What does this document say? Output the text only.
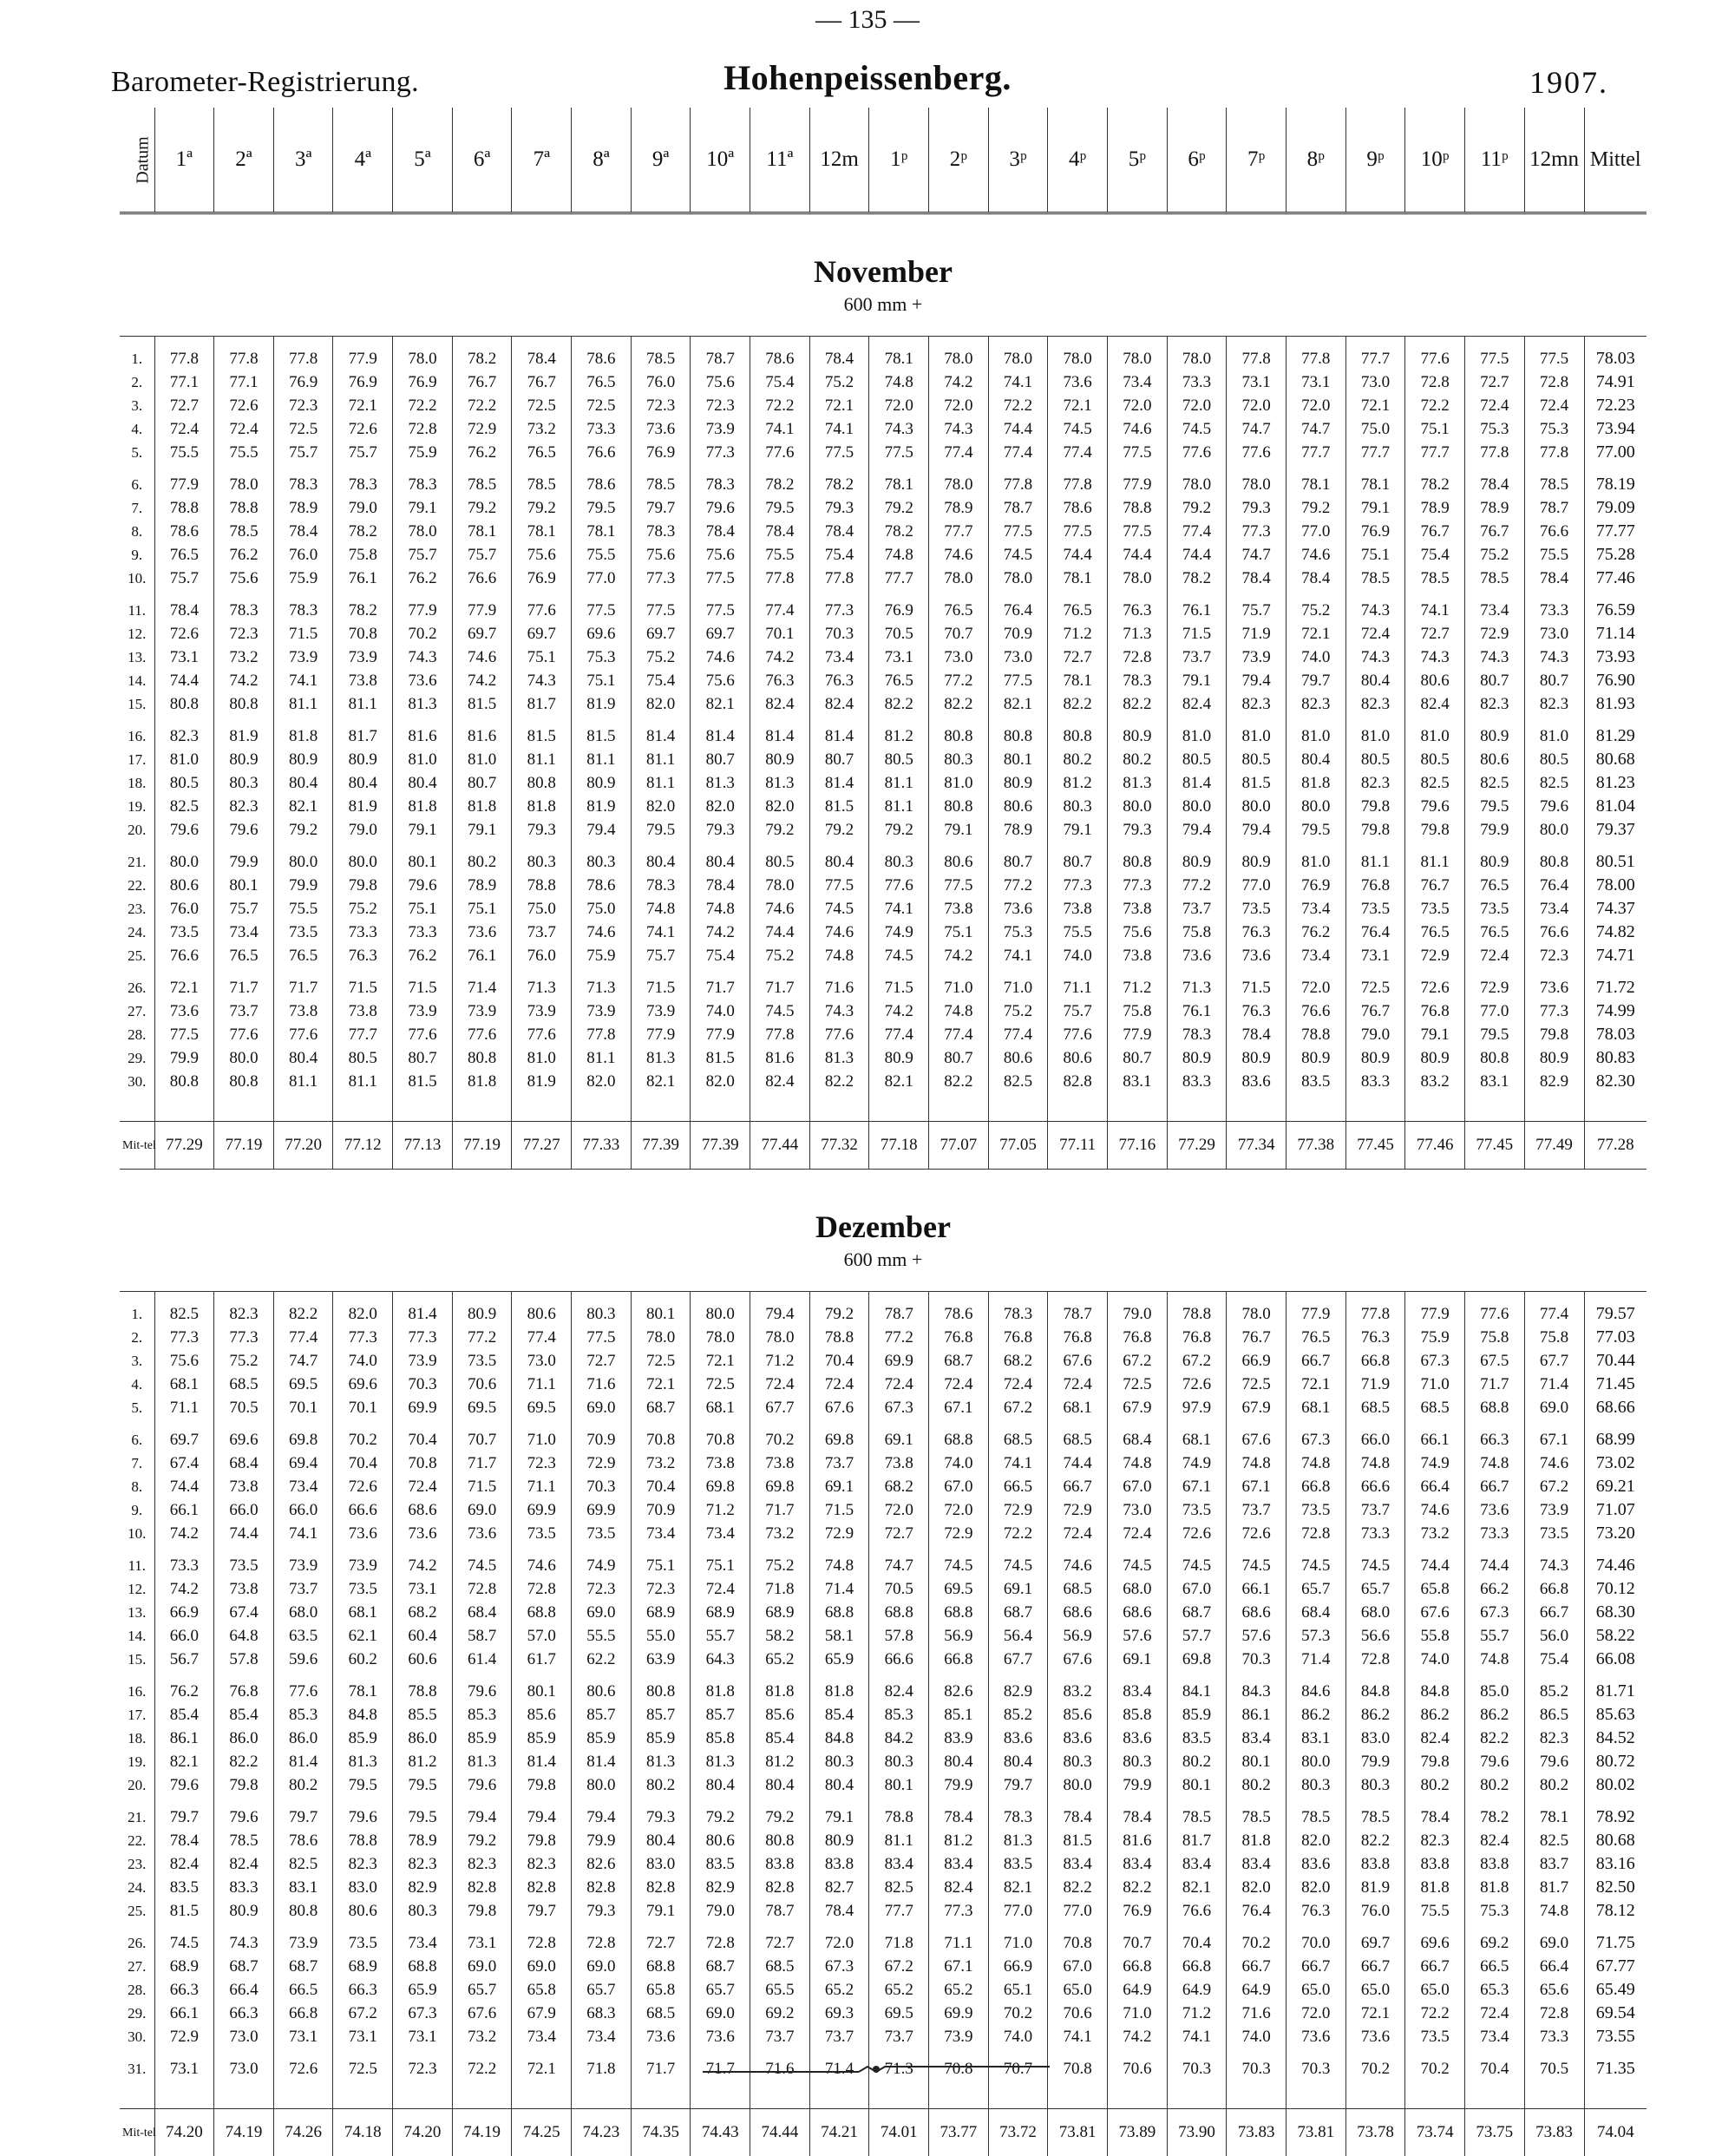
— 135 —
Barometer-Registrierung.	Hohenpeissenberg.	1907.
Datum	1ª	2ª	3ª	4ª	5ª	6ª	7ª	8ª	9ª	10ª	11ª	12m	1ᵖ	2ᵖ	3ᵖ	4ᵖ	5ᵖ	6ᵖ	7ᵖ	8ᵖ	9ᵖ	10ᵖ	11ᵖ	12mn	Mittel

November
600 mm +																									

1.	77.8	77.8	77.8	77.9	78.0	78.2	78.4	78.6	78.5	78.7	78.6	78.4	78.1	78.0	78.0	78.0	78.0	78.0	77.8	77.8	77.7	77.6	77.5	77.5	78.03
2.	77.1	77.1	76.9	76.9	76.9	76.7	76.7	76.5	76.0	75.6	75.4	75.2	74.8	74.2	74.1	73.6	73.4	73.3	73.1	73.1	73.0	72.8	72.7	72.8	74.91
3.	72.7	72.6	72.3	72.1	72.2	72.2	72.5	72.5	72.3	72.3	72.2	72.1	72.0	72.0	72.2	72.1	72.0	72.0	72.0	72.0	72.1	72.2	72.4	72.4	72.23
4.	72.4	72.4	72.5	72.6	72.8	72.9	73.2	73.3	73.6	73.9	74.1	74.1	74.3	74.3	74.4	74.5	74.6	74.5	74.7	74.7	75.0	75.1	75.3	75.3	73.94
5.	75.5	75.5	75.7	75.7	75.9	76.2	76.5	76.6	76.9	77.3	77.6	77.5	77.5	77.4	77.4	77.4	77.5	77.6	77.6	77.7	77.7	77.7	77.8	77.8	77.00

6.	77.9	78.0	78.3	78.3	78.3	78.5	78.5	78.6	78.5	78.3	78.2	78.2	78.1	78.0	77.8	77.8	77.9	78.0	78.0	78.1	78.1	78.2	78.4	78.5	78.19
7.	78.8	78.8	78.9	79.0	79.1	79.2	79.2	79.5	79.7	79.6	79.5	79.3	79.2	78.9	78.7	78.6	78.8	79.2	79.3	79.2	79.1	78.9	78.9	78.7	79.09
8.	78.6	78.5	78.4	78.2	78.0	78.1	78.1	78.1	78.3	78.4	78.4	78.4	78.2	77.7	77.5	77.5	77.5	77.4	77.3	77.0	76.9	76.7	76.7	76.6	77.77
9.	76.5	76.2	76.0	75.8	75.7	75.7	75.6	75.5	75.6	75.6	75.5	75.4	74.8	74.6	74.5	74.4	74.4	74.4	74.7	74.6	75.1	75.4	75.2	75.5	75.28
10.	75.7	75.6	75.9	76.1	76.2	76.6	76.9	77.0	77.3	77.5	77.8	77.8	77.7	78.0	78.0	78.1	78.0	78.2	78.4	78.4	78.5	78.5	78.5	78.4	77.46

11.	78.4	78.3	78.3	78.2	77.9	77.9	77.6	77.5	77.5	77.5	77.4	77.3	76.9	76.5	76.4	76.5	76.3	76.1	75.7	75.2	74.3	74.1	73.4	73.3	76.59
12.	72.6	72.3	71.5	70.8	70.2	69.7	69.7	69.6	69.7	69.7	70.1	70.3	70.5	70.7	70.9	71.2	71.3	71.5	71.9	72.1	72.4	72.7	72.9	73.0	71.14
13.	73.1	73.2	73.9	73.9	74.3	74.6	75.1	75.3	75.2	74.6	74.2	73.4	73.1	73.0	73.0	72.7	72.8	73.7	73.9	74.0	74.3	74.3	74.3	74.3	73.93
14.	74.4	74.2	74.1	73.8	73.6	74.2	74.3	75.1	75.4	75.6	76.3	76.3	76.5	77.2	77.5	78.1	78.3	79.1	79.4	79.7	80.4	80.6	80.7	80.7	76.90
15.	80.8	80.8	81.1	81.1	81.3	81.5	81.7	81.9	82.0	82.1	82.4	82.4	82.2	82.2	82.1	82.2	82.2	82.4	82.3	82.3	82.3	82.4	82.3	82.3	81.93

16.	82.3	81.9	81.8	81.7	81.6	81.6	81.5	81.5	81.4	81.4	81.4	81.4	81.2	80.8	80.8	80.8	80.9	81.0	81.0	81.0	81.0	81.0	80.9	81.0	81.29
17.	81.0	80.9	80.9	80.9	81.0	81.0	81.1	81.1	81.1	80.7	80.9	80.7	80.5	80.3	80.1	80.2	80.2	80.5	80.5	80.4	80.5	80.5	80.6	80.5	80.68
18.	80.5	80.3	80.4	80.4	80.4	80.7	80.8	80.9	81.1	81.3	81.3	81.4	81.1	81.0	80.9	81.2	81.3	81.4	81.5	81.8	82.3	82.5	82.5	82.5	81.23
19.	82.5	82.3	82.1	81.9	81.8	81.8	81.8	81.9	82.0	82.0	82.0	81.5	81.1	80.8	80.6	80.3	80.0	80.0	80.0	80.0	79.8	79.6	79.5	79.6	81.04
20.	79.6	79.6	79.2	79.0	79.1	79.1	79.3	79.4	79.5	79.3	79.2	79.2	79.2	79.1	78.9	79.1	79.3	79.4	79.4	79.5	79.8	79.8	79.9	80.0	79.37

21.	80.0	79.9	80.0	80.0	80.1	80.2	80.3	80.3	80.4	80.4	80.5	80.4	80.3	80.6	80.7	80.7	80.8	80.9	80.9	81.0	81.1	81.1	80.9	80.8	80.51
22.	80.6	80.1	79.9	79.8	79.6	78.9	78.8	78.6	78.3	78.4	78.0	77.5	77.6	77.5	77.2	77.3	77.3	77.2	77.0	76.9	76.8	76.7	76.5	76.4	78.00
23.	76.0	75.7	75.5	75.2	75.1	75.1	75.0	75.0	74.8	74.8	74.6	74.5	74.1	73.8	73.6	73.8	73.8	73.7	73.5	73.4	73.5	73.5	73.5	73.4	74.37
24.	73.5	73.4	73.5	73.3	73.3	73.6	73.7	74.6	74.1	74.2	74.4	74.6	74.9	75.1	75.3	75.5	75.6	75.8	76.3	76.2	76.4	76.5	76.5	76.6	74.82
25.	76.6	76.5	76.5	76.3	76.2	76.1	76.0	75.9	75.7	75.4	75.2	74.8	74.5	74.2	74.1	74.0	73.8	73.6	73.6	73.4	73.1	72.9	72.4	72.3	74.71

26.	72.1	71.7	71.7	71.5	71.5	71.4	71.3	71.3	71.5	71.7	71.7	71.6	71.5	71.0	71.0	71.1	71.2	71.3	71.5	72.0	72.5	72.6	72.9	73.6	71.72
27.	73.6	73.7	73.8	73.8	73.9	73.9	73.9	73.9	73.9	74.0	74.5	74.3	74.2	74.8	75.2	75.7	75.8	76.1	76.3	76.6	76.7	76.8	77.0	77.3	74.99
28.	77.5	77.6	77.6	77.7	77.6	77.6	77.6	77.8	77.9	77.9	77.8	77.6	77.4	77.4	77.4	77.6	77.9	78.3	78.4	78.8	79.0	79.1	79.5	79.8	78.03
29.	79.9	80.0	80.4	80.5	80.7	80.8	81.0	81.1	81.3	81.5	81.6	81.3	80.9	80.7	80.6	80.6	80.7	80.9	80.9	80.9	80.9	80.9	80.8	80.9	80.83
30.	80.8	80.8	81.1	81.1	81.5	81.8	81.9	82.0	82.1	82.0	82.4	82.2	82.1	82.2	82.5	82.8	83.1	83.3	83.6	83.5	83.3	83.2	83.1	82.9	82.30

Mit-tel	77.29	77.19	77.20	77.12	77.13	77.19	77.27	77.33	77.39	77.39	77.44	77.32	77.18	77.07	77.05	77.11	77.16	77.29	77.34	77.38	77.45	77.46	77.45	77.49	77.28

Dezember
600 mm +																									

1.	82.5	82.3	82.2	82.0	81.4	80.9	80.6	80.3	80.1	80.0	79.4	79.2	78.7	78.6	78.3	78.7	79.0	78.8	78.0	77.9	77.8	77.9	77.6	77.4	79.57
2.	77.3	77.3	77.4	77.3	77.3	77.2	77.4	77.5	78.0	78.0	78.0	78.8	77.2	76.8	76.8	76.8	76.8	76.8	76.7	76.5	76.3	75.9	75.8	75.8	77.03
3.	75.6	75.2	74.7	74.0	73.9	73.5	73.0	72.7	72.5	72.1	71.2	70.4	69.9	68.7	68.2	67.6	67.2	67.2	66.9	66.7	66.8	67.3	67.5	67.7	70.44
4.	68.1	68.5	69.5	69.6	70.3	70.6	71.1	71.6	72.1	72.5	72.4	72.4	72.4	72.4	72.4	72.4	72.5	72.6	72.5	72.1	71.9	71.0	71.7	71.4	71.45
5.	71.1	70.5	70.1	70.1	69.9	69.5	69.5	69.0	68.7	68.1	67.7	67.6	67.3	67.1	67.2	68.1	67.9	97.9	67.9	68.1	68.5	68.5	68.8	69.0	68.66

6.	69.7	69.6	69.8	70.2	70.4	70.7	71.0	70.9	70.8	70.8	70.2	69.8	69.1	68.8	68.5	68.5	68.4	68.1	67.6	67.3	66.0	66.1	66.3	67.1	68.99
7.	67.4	68.4	69.4	70.4	70.8	71.7	72.3	72.9	73.2	73.8	73.8	73.7	73.8	74.0	74.1	74.4	74.8	74.9	74.8	74.8	74.8	74.9	74.8	74.6	73.02
8.	74.4	73.8	73.4	72.6	72.4	71.5	71.1	70.3	70.4	69.8	69.8	69.1	68.2	67.0	66.5	66.7	67.0	67.1	67.1	66.8	66.6	66.4	66.7	67.2	69.21
9.	66.1	66.0	66.0	66.6	68.6	69.0	69.9	69.9	70.9	71.2	71.7	71.5	72.0	72.0	72.9	72.9	73.0	73.5	73.7	73.5	73.7	74.6	73.6	73.9	71.07
10.	74.2	74.4	74.1	73.6	73.6	73.6	73.5	73.5	73.4	73.4	73.2	72.9	72.7	72.9	72.2	72.4	72.4	72.6	72.6	72.8	73.3	73.2	73.3	73.5	73.20

11.	73.3	73.5	73.9	73.9	74.2	74.5	74.6	74.9	75.1	75.1	75.2	74.8	74.7	74.5	74.5	74.6	74.5	74.5	74.5	74.5	74.5	74.4	74.4	74.3	74.46
12.	74.2	73.8	73.7	73.5	73.1	72.8	72.8	72.3	72.3	72.4	71.8	71.4	70.5	69.5	69.1	68.5	68.0	67.0	66.1	65.7	65.7	65.8	66.2	66.8	70.12
13.	66.9	67.4	68.0	68.1	68.2	68.4	68.8	69.0	68.9	68.9	68.9	68.8	68.8	68.8	68.7	68.6	68.6	68.7	68.6	68.4	68.0	67.6	67.3	66.7	68.30
14.	66.0	64.8	63.5	62.1	60.4	58.7	57.0	55.5	55.0	55.7	58.2	58.1	57.8	56.9	56.4	56.9	57.6	57.7	57.6	57.3	56.6	55.8	55.7	56.0	58.22
15.	56.7	57.8	59.6	60.2	60.6	61.4	61.7	62.2	63.9	64.3	65.2	65.9	66.6	66.8	67.7	67.6	69.1	69.8	70.3	71.4	72.8	74.0	74.8	75.4	66.08

16.	76.2	76.8	77.6	78.1	78.8	79.6	80.1	80.6	80.8	81.8	81.8	81.8	82.4	82.6	82.9	83.2	83.4	84.1	84.3	84.6	84.8	84.8	85.0	85.2	81.71
17.	85.4	85.4	85.3	84.8	85.5	85.3	85.6	85.7	85.7	85.7	85.6	85.4	85.3	85.1	85.2	85.6	85.8	85.9	86.1	86.2	86.2	86.2	86.2	86.5	85.63
18.	86.1	86.0	86.0	85.9	86.0	85.9	85.9	85.9	85.9	85.8	85.4	84.8	84.2	83.9	83.6	83.6	83.6	83.5	83.4	83.1	83.0	82.4	82.2	82.3	84.52
19.	82.1	82.2	81.4	81.3	81.2	81.3	81.4	81.4	81.3	81.3	81.2	80.3	80.3	80.4	80.4	80.3	80.3	80.2	80.1	80.0	79.9	79.8	79.6	79.6	80.72
20.	79.6	79.8	80.2	79.5	79.5	79.6	79.8	80.0	80.2	80.4	80.4	80.4	80.1	79.9	79.7	80.0	79.9	80.1	80.2	80.3	80.3	80.2	80.2	80.2	80.02

21.	79.7	79.6	79.7	79.6	79.5	79.4	79.4	79.4	79.3	79.2	79.2	79.1	78.8	78.4	78.3	78.4	78.4	78.5	78.5	78.5	78.5	78.4	78.2	78.1	78.92
22.	78.4	78.5	78.6	78.8	78.9	79.2	79.8	79.9	80.4	80.6	80.8	80.9	81.1	81.2	81.3	81.5	81.6	81.7	81.8	82.0	82.2	82.3	82.4	82.5	80.68
23.	82.4	82.4	82.5	82.3	82.3	82.3	82.3	82.6	83.0	83.5	83.8	83.8	83.4	83.4	83.5	83.4	83.4	83.4	83.4	83.6	83.8	83.8	83.8	83.7	83.16
24.	83.5	83.3	83.1	83.0	82.9	82.8	82.8	82.8	82.8	82.9	82.8	82.7	82.5	82.4	82.1	82.2	82.2	82.1	82.0	82.0	81.9	81.8	81.8	81.7	82.50
25.	81.5	80.9	80.8	80.6	80.3	79.8	79.7	79.3	79.1	79.0	78.7	78.4	77.7	77.3	77.0	77.0	76.9	76.6	76.4	76.3	76.0	75.5	75.3	74.8	78.12

26.	74.5	74.3	73.9	73.5	73.4	73.1	72.8	72.8	72.7	72.8	72.7	72.0	71.8	71.1	71.0	70.8	70.7	70.4	70.2	70.0	69.7	69.6	69.2	69.0	71.75
27.	68.9	68.7	68.7	68.9	68.8	69.0	69.0	69.0	68.8	68.7	68.5	67.3	67.2	67.1	66.9	67.0	66.8	66.8	66.7	66.7	66.7	66.7	66.5	66.4	67.77
28.	66.3	66.4	66.5	66.3	65.9	65.7	65.8	65.7	65.8	65.7	65.5	65.2	65.2	65.2	65.1	65.0	64.9	64.9	64.9	65.0	65.0	65.0	65.3	65.6	65.49
29.	66.1	66.3	66.8	67.2	67.3	67.6	67.9	68.3	68.5	69.0	69.2	69.3	69.5	69.9	70.2	70.6	71.0	71.2	71.6	72.0	72.1	72.2	72.4	72.8	69.54
30.	72.9	73.0	73.1	73.1	73.1	73.2	73.4	73.4	73.6	73.6	73.7	73.7	73.7	73.9	74.0	74.1	74.2	74.1	74.0	73.6	73.6	73.5	73.4	73.3	73.55

31.	73.1	73.0	72.6	72.5	72.3	72.2	72.1	71.8	71.7	71.7	71.6	71.4	71.3	70.8	70.7	70.8	70.6	70.3	70.3	70.3	70.2	70.2	70.4	70.5	71.35

Mit-tel	74.20	74.19	74.26	74.18	74.20	74.19	74.25	74.23	74.35	74.43	74.44	74.21	74.01	73.77	73.72	73.81	73.89	73.90	73.83	73.81	73.78	73.74	73.75	73.83	74.04
